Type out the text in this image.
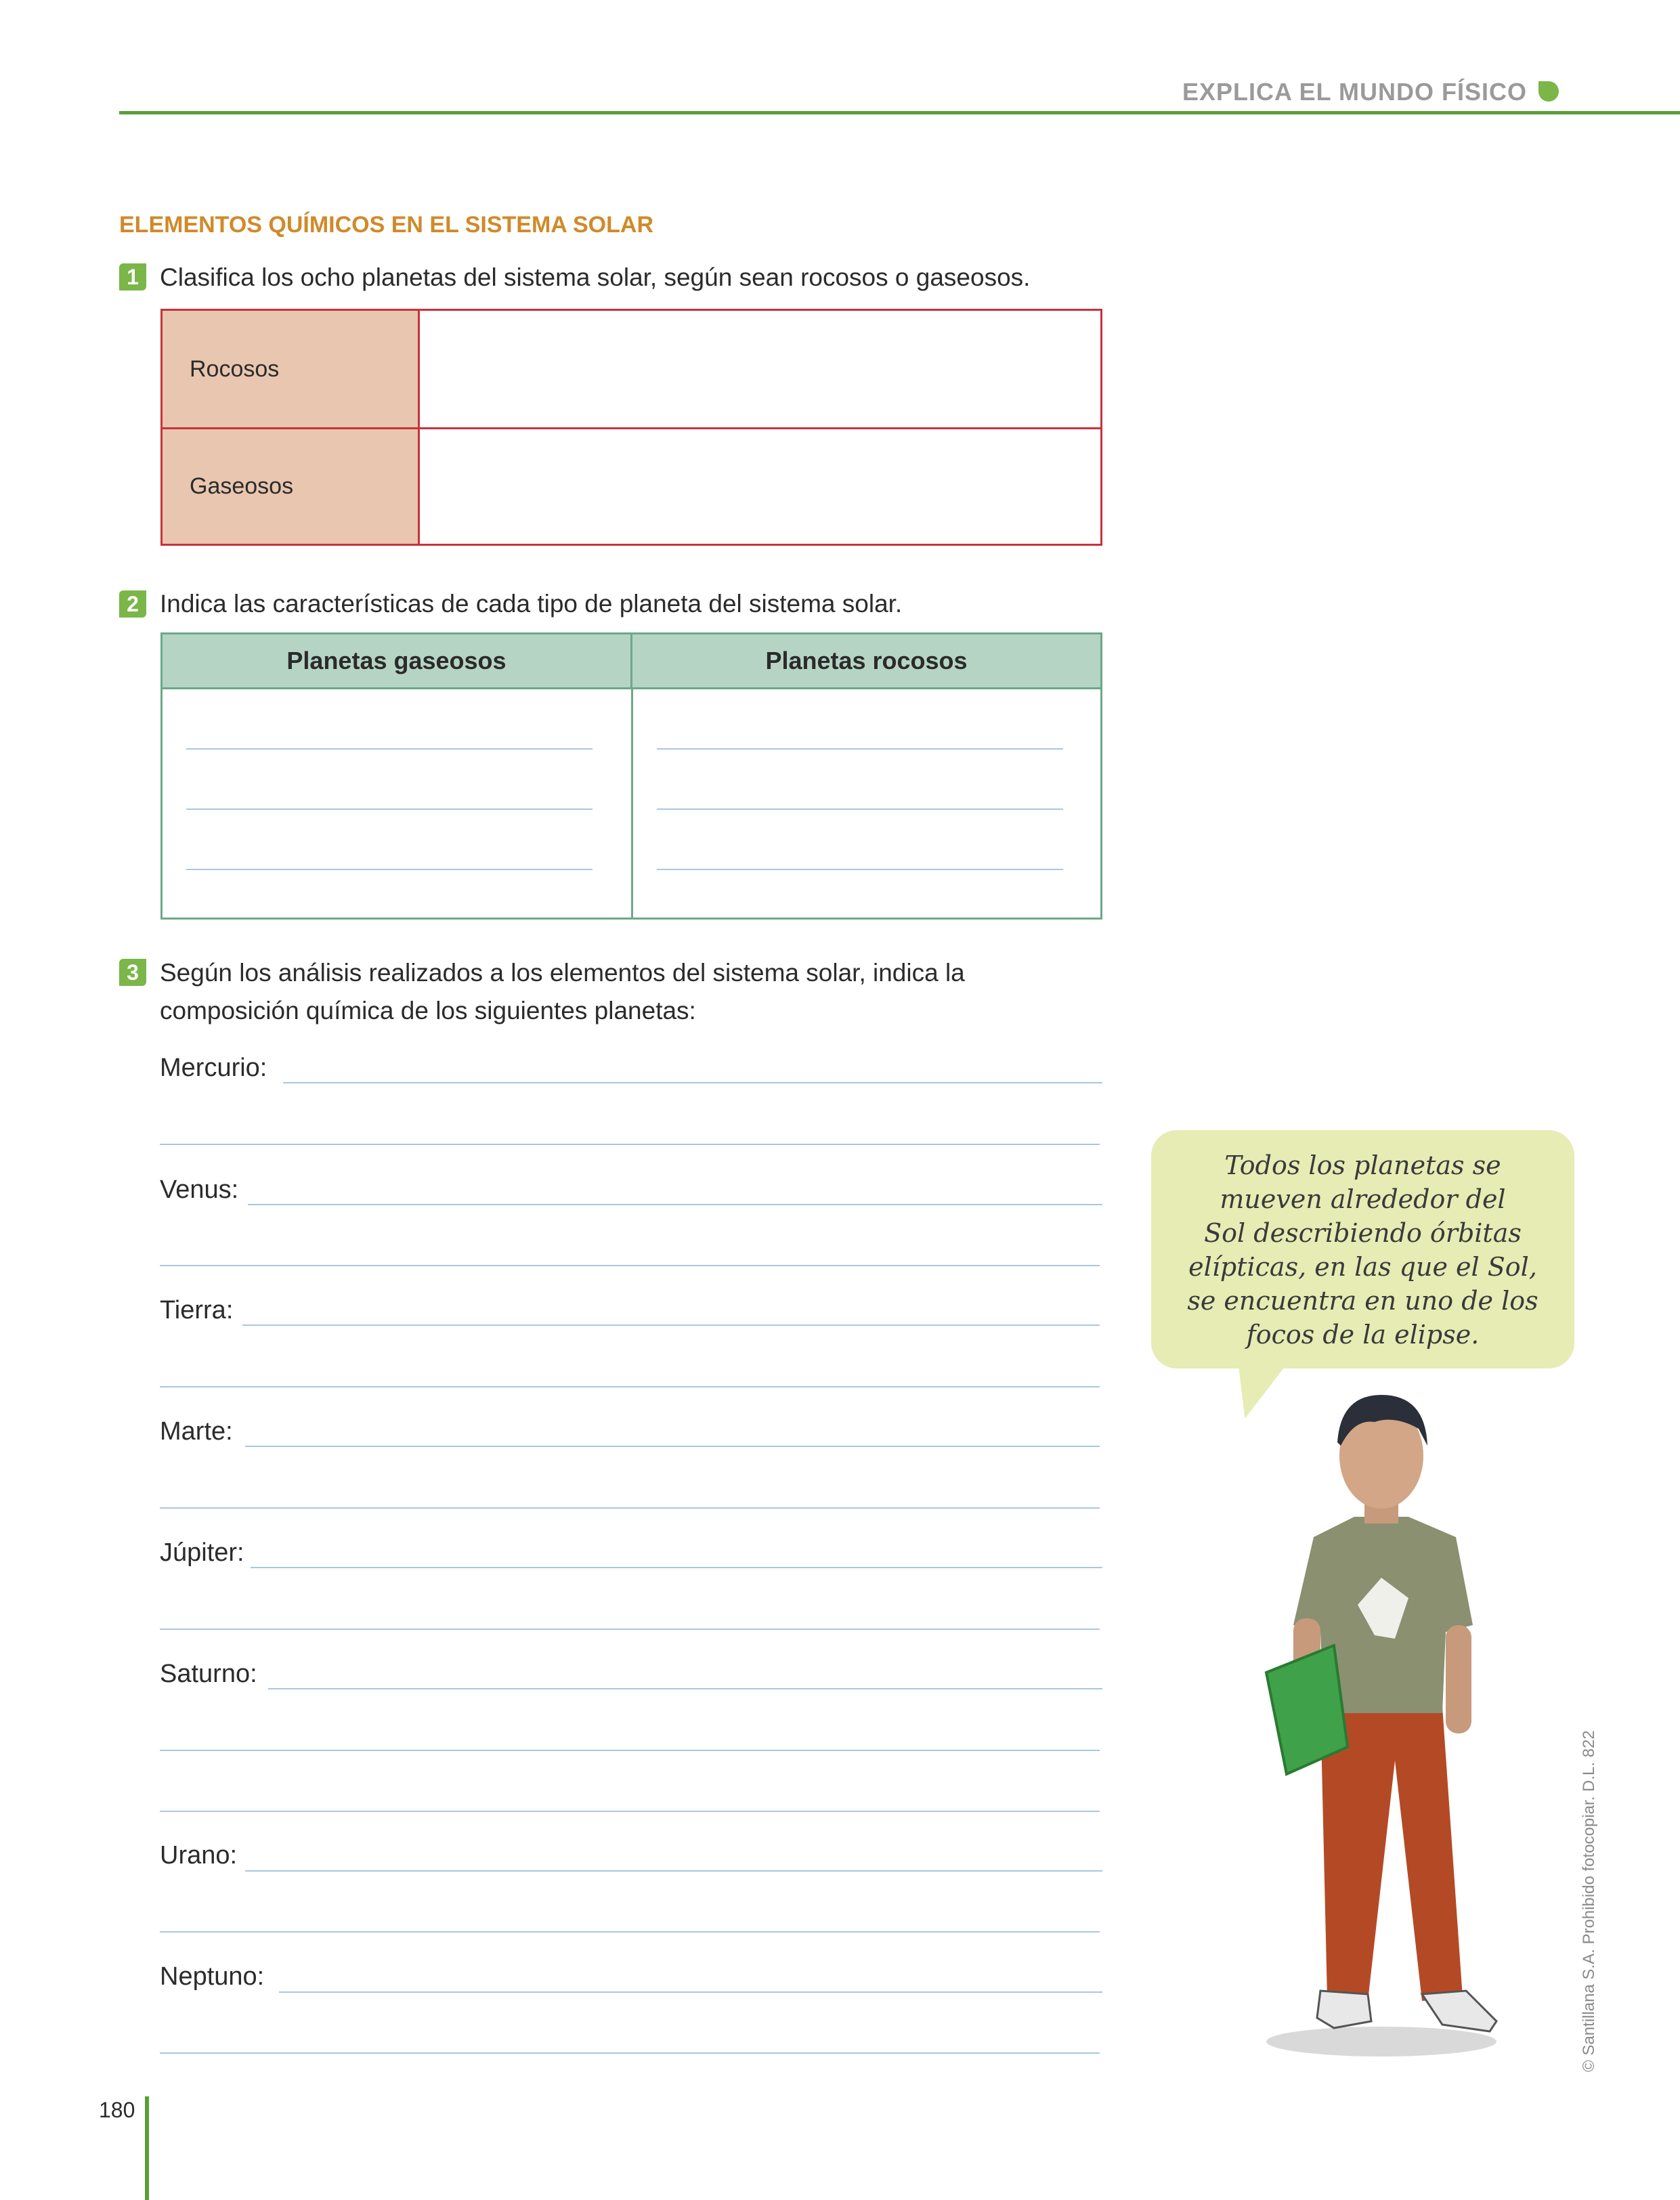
EXPLICA EL MUNDO FÍSICO
ELEMENTOS QUÍMICOS EN EL SISTEMA SOLAR
1 Clasifica los ocho planetas del sistema solar, según sean rocosos o gaseosos.
Rocosos
Gaseosos
2 Indica las características de cada tipo de planeta del sistema solar.
Planetas gaseosos	Planetas rocosos
3 Según los análisis realizados a los elementos del sistema solar, indica la
composición química de los siguientes planetas:
Mercurio:
Venus:
Tierra:
Marte:
Júpiter:
Saturno:
Urano:
Neptuno:
Todos los planetas se
mueven alrededor del
Sol describiendo órbitas
elípticas, en las que el Sol,
se encuentra en uno de los
focos de la elipse.
© Santillana S.A. Prohibido fotocopiar. D.L. 822
180
